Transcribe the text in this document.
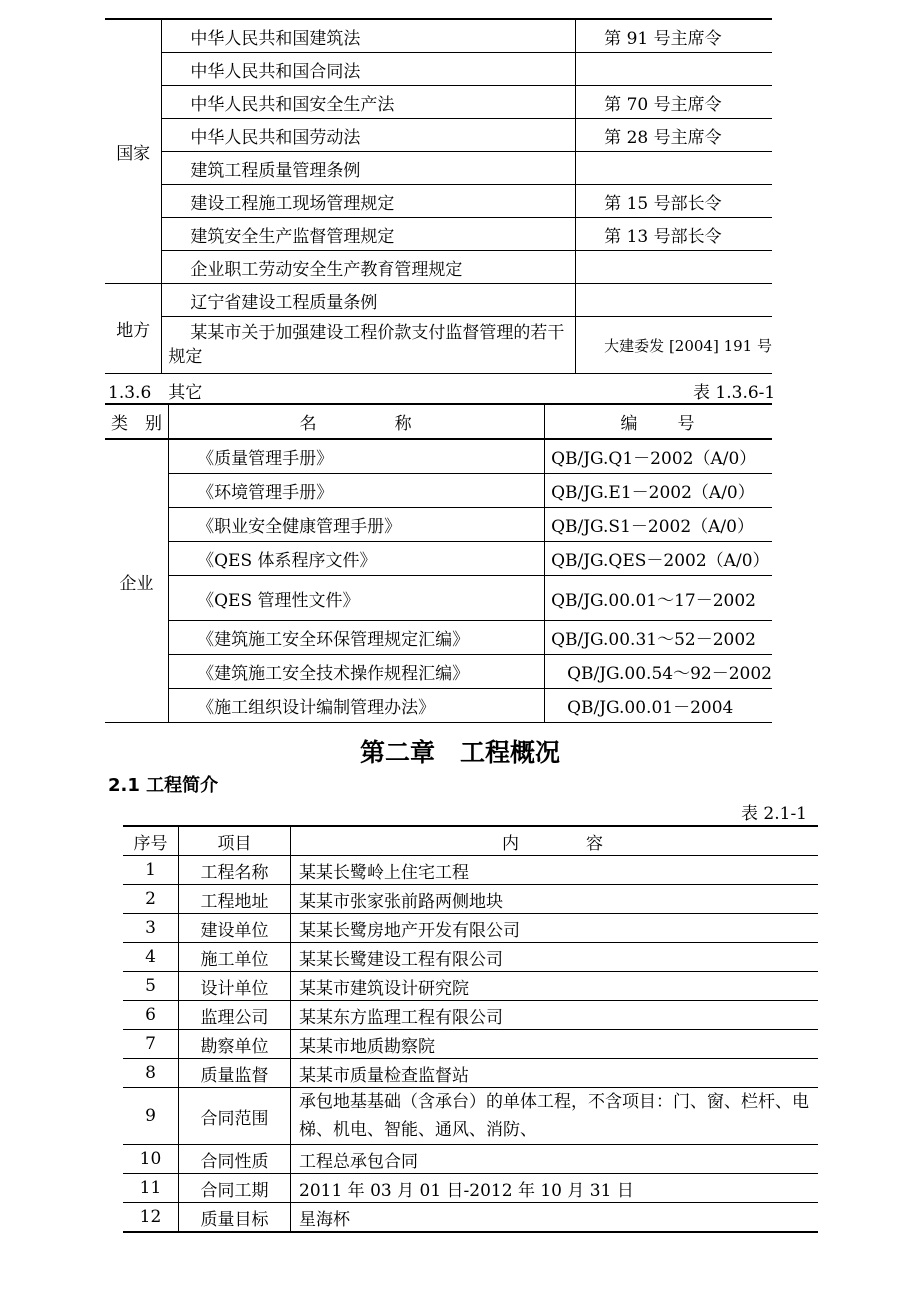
国家	中华人民共和国建筑法	第 91 号主席令
	中华人民共和国合同法	
	中华人民共和国安全生产法	第 70 号主席令
	中华人民共和国劳动法	第 28 号主席令
	建筑工程质量管理条例	
	建设工程施工现场管理规定	第 15 号部长令
	建筑安全生产监督管理规定	第 13 号部长令
	企业职工劳动安全生产教育管理规定	
地方	辽宁省建设工程质量条例	
	某某市关于加强建设工程价款支付监督管理的若干规定	大建委发 [2004] 191 号
1.3.6　其它	表 1.3.6-1
类　别	名　　　　称	编　　号
企业	《质量管理手册》	QB/JG.Q1－2002（A/0）
	《环境管理手册》	QB/JG.E1－2002（A/0）
	《职业安全健康管理手册》	QB/JG.S1－2002（A/0）
	《QES 体系程序文件》	QB/JG.QES－2002（A/0）
	《QES 管理性文件》	QB/JG.00.01～17－2002
	《建筑施工安全环保管理规定汇编》	QB/JG.00.31～52－2002
	《建筑施工安全技术操作规程汇编》	QB/JG.00.54～92－2002
	《施工组织设计编制管理办法》	QB/JG.00.01－2004
第二章　工程概况
2.1 工程简介
表 2.1-1
序号	项目	内　　　容
1	工程名称	某某长鹭岭上住宅工程
2	工程地址	某某市张家张前路两侧地块
3	建设单位	某某长鹭房地产开发有限公司
4	施工单位	某某长鹭建设工程有限公司
5	设计单位	某某市建筑设计研究院
6	监理公司	某某东方监理工程有限公司
7	勘察单位	某某市地质勘察院
8	质量监督	某某市质量检查监督站
9	合同范围	承包地基基础（含承台）的单体工程，不含项目：门、窗、栏杆、电梯、机电、智能、通风、消防、
10	合同性质	工程总承包合同
11	合同工期	2011 年 03 月 01 日-2012 年 10 月 31 日
12	质量目标	星海杯
